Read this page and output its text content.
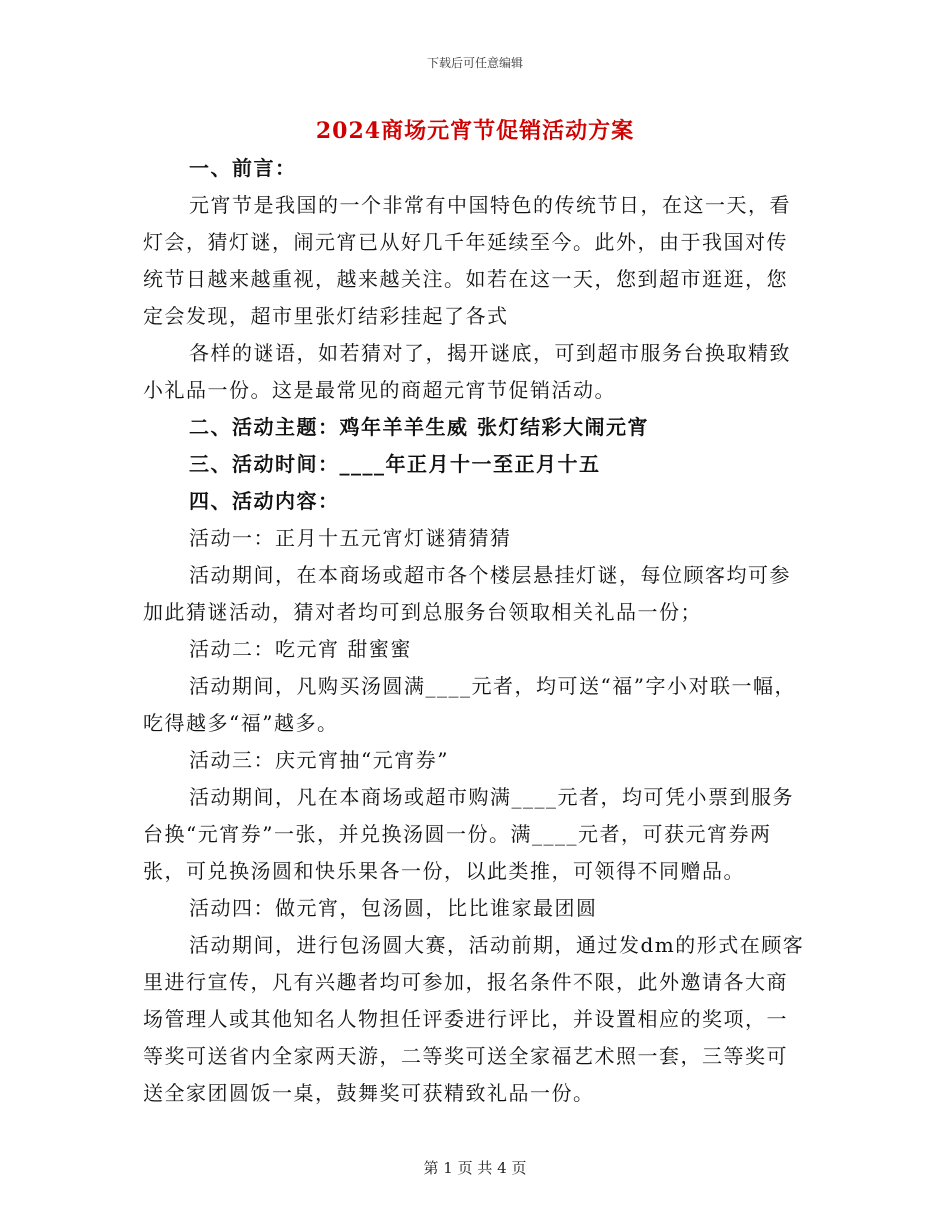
下载后可任意编辑
2024商场元宵节促销活动方案

一、前言：

元宵节是我国的一个非常有中国特色的传统节日，在这一天，看

灯会，猜灯谜，闹元宵已从好几千年延续至今。此外，由于我国对传

统节日越来越重视，越来越关注。如若在这一天，您到超市逛逛，您

定会发现，超市里张灯结彩挂起了各式

各样的谜语，如若猜对了，揭开谜底，可到超市服务台换取精致

小礼品一份。这是最常见的商超元宵节促销活动。

二、活动主题：鸡年羊羊生威 张灯结彩大闹元宵

三、活动时间：____年正月十一至正月十五

四、活动内容：

活动一：正月十五元宵灯谜猜猜猜

活动期间，在本商场或超市各个楼层悬挂灯谜，每位顾客均可参

加此猜谜活动，猜对者均可到总服务台领取相关礼品一份；

活动二：吃元宵 甜蜜蜜

活动期间，凡购买汤圆满____元者，均可送“福”字小对联一幅，

吃得越多“福”越多。

活动三：庆元宵抽“元宵券”

活动期间，凡在本商场或超市购满____元者，均可凭小票到服务

台换“元宵券”一张，并兑换汤圆一份。满____元者，可获元宵券两

张，可兑换汤圆和快乐果各一份，以此类推，可领得不同赠品。

活动四：做元宵，包汤圆，比比谁家最团圆

活动期间，进行包汤圆大赛，活动前期，通过发dm的形式在顾客

里进行宣传，凡有兴趣者均可参加，报名条件不限，此外邀请各大商

场管理人或其他知名人物担任评委进行评比，并设置相应的奖项，一

等奖可送省内全家两天游，二等奖可送全家福艺术照一套，三等奖可

送全家团圆饭一桌，鼓舞奖可获精致礼品一份。

第 1 页 共 4 页
